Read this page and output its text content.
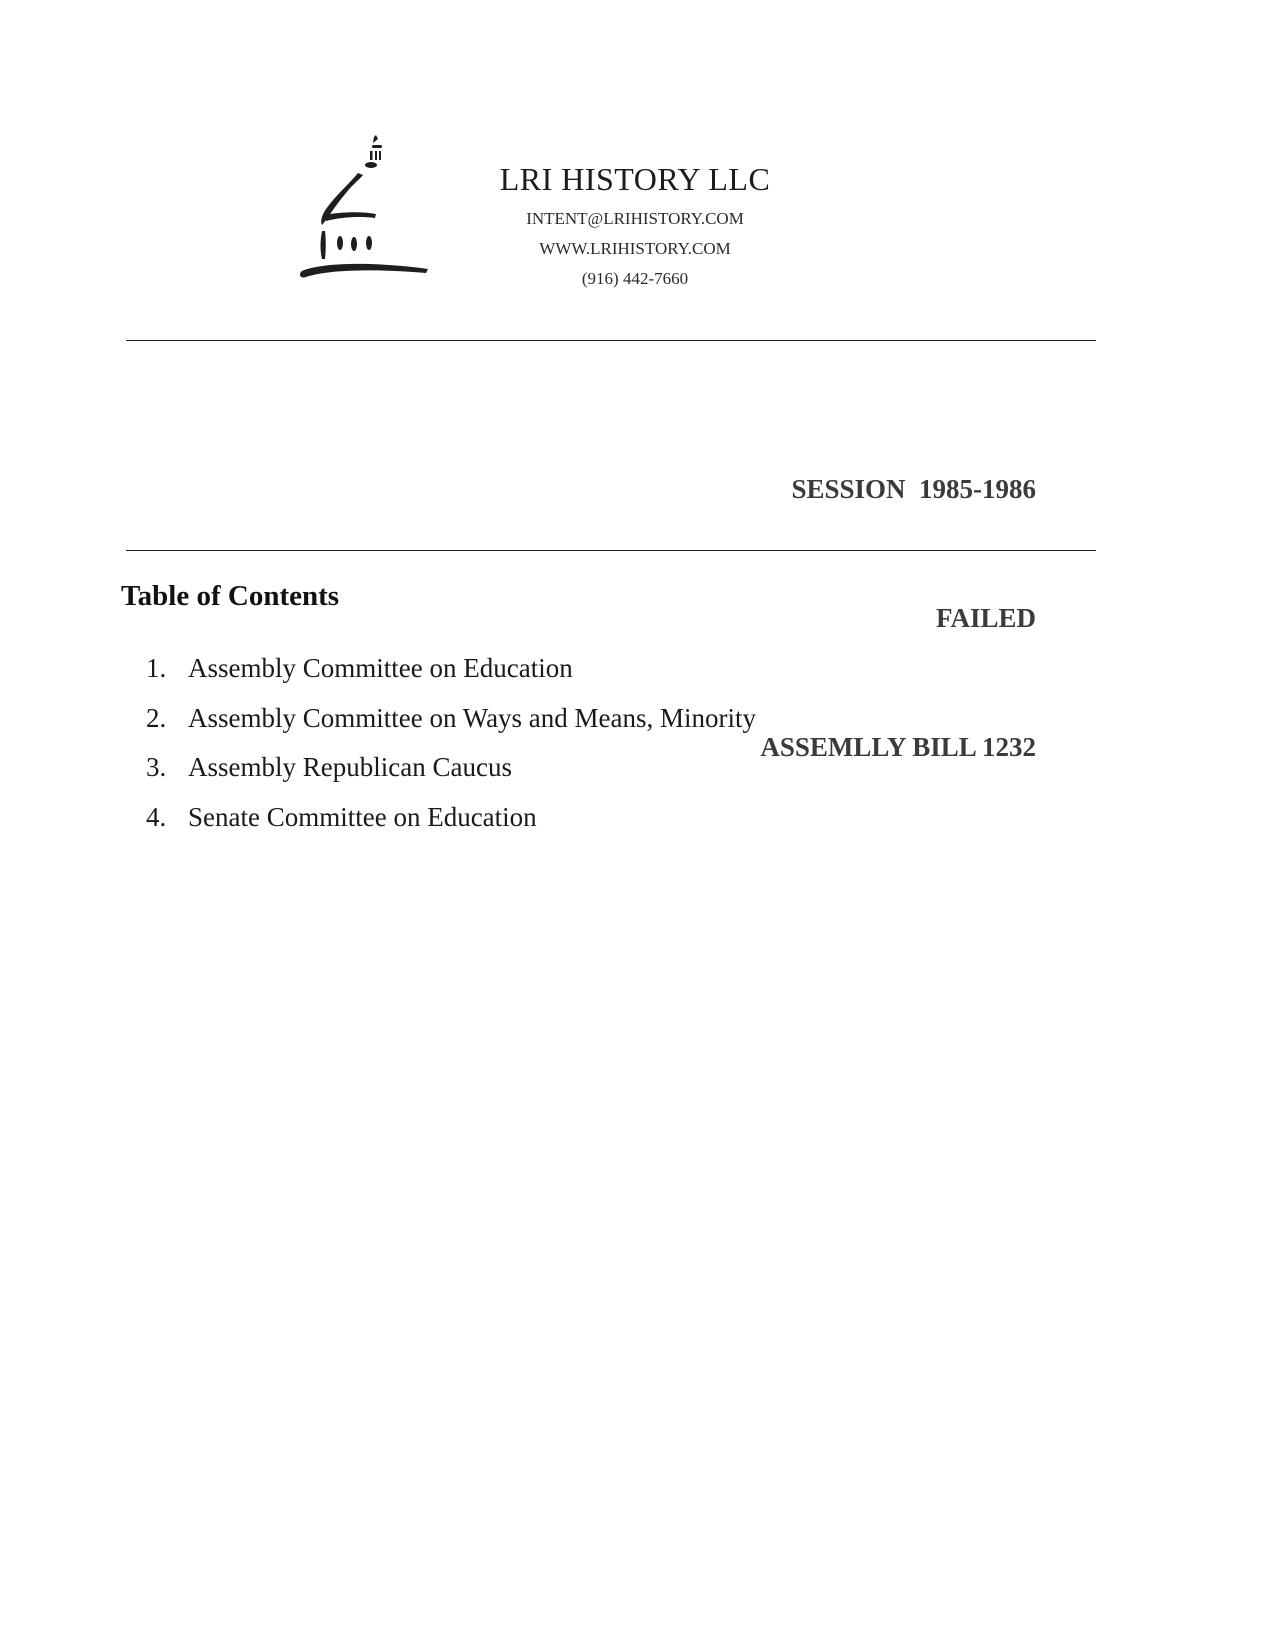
LRI HISTORY LLC
INTENT@LRIHISTORY.COM
WWW.LRIHISTORY.COM
(916) 442-7660

SESSION  1985-1986

FAILED

ASSEMLLY BILL 1232

Table of Contents
1. Assembly Committee on Education
2. Assembly Committee on Ways and Means, Minority
3. Assembly Republican Caucus
4. Senate Committee on Education
